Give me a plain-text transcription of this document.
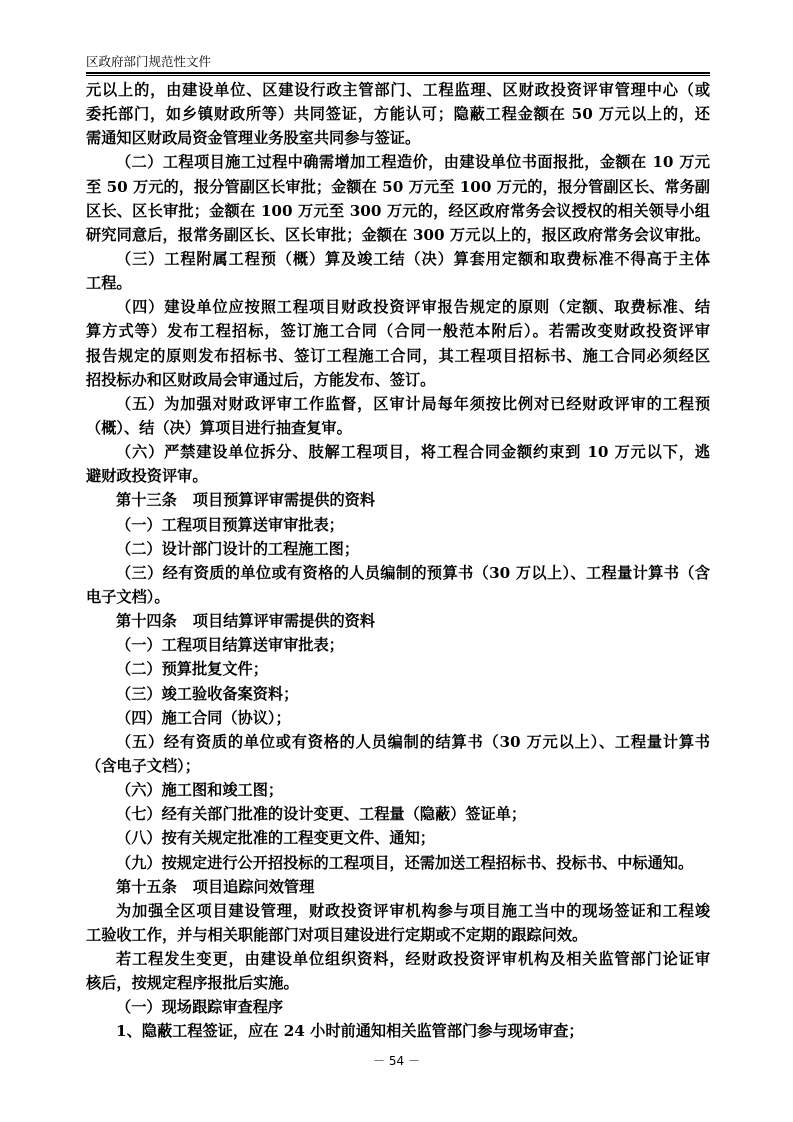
区政府部门规范性文件
元以上的，由建设单位、区建设行政主管部门、工程监理、区财政投资评审管理中心（或
委托部门，如乡镇财政所等）共同签证，方能认可；隐蔽工程金额在 50 万元以上的，还
需通知区财政局资金管理业务股室共同参与签证。
（二）工程项目施工过程中确需增加工程造价，由建设单位书面报批，金额在 10 万元
至 50 万元的，报分管副区长审批；金额在 50 万元至 100 万元的，报分管副区长、常务副
区长、区长审批；金额在 100 万元至 300 万元的，经区政府常务会议授权的相关领导小组
研究同意后，报常务副区长、区长审批；金额在 300 万元以上的，报区政府常务会议审批。
（三）工程附属工程预（概）算及竣工结（决）算套用定额和取费标准不得高于主体
工程。
（四）建设单位应按照工程项目财政投资评审报告规定的原则（定额、取费标准、结
算方式等）发布工程招标，签订施工合同（合同一般范本附后）。若需改变财政投资评审
报告规定的原则发布招标书、签订工程施工合同，其工程项目招标书、施工合同必须经区
招投标办和区财政局会审通过后，方能发布、签订。
（五）为加强对财政评审工作监督，区审计局每年须按比例对已经财政评审的工程预
（概）、结（决）算项目进行抽查复审。
（六）严禁建设单位拆分、肢解工程项目，将工程合同金额约束到 10 万元以下，逃
避财政投资评审。
第十三条 项目预算评审需提供的资料
（一）工程项目预算送审审批表；
（二）设计部门设计的工程施工图；
（三）经有资质的单位或有资格的人员编制的预算书（30 万以上）、工程量计算书（含
电子文档）。
第十四条 项目结算评审需提供的资料
（一）工程项目结算送审审批表；
（二）预算批复文件；
（三）竣工验收备案资料；
（四）施工合同（协议）；
（五）经有资质的单位或有资格的人员编制的结算书（30 万元以上）、工程量计算书
（含电子文档）；
（六）施工图和竣工图；
（七）经有关部门批准的设计变更、工程量（隐蔽）签证单；
（八）按有关规定批准的工程变更文件、通知；
（九）按规定进行公开招投标的工程项目，还需加送工程招标书、投标书、中标通知。
第十五条 项目追踪问效管理
为加强全区项目建设管理，财政投资评审机构参与项目施工当中的现场签证和工程竣
工验收工作，并与相关职能部门对项目建设进行定期或不定期的跟踪问效。
若工程发生变更，由建设单位组织资料，经财政投资评审机构及相关监管部门论证审
核后，按规定程序报批后实施。
（一）现场跟踪审查程序
1、隐蔽工程签证，应在 24 小时前通知相关监管部门参与现场审查；
－ 54 －
